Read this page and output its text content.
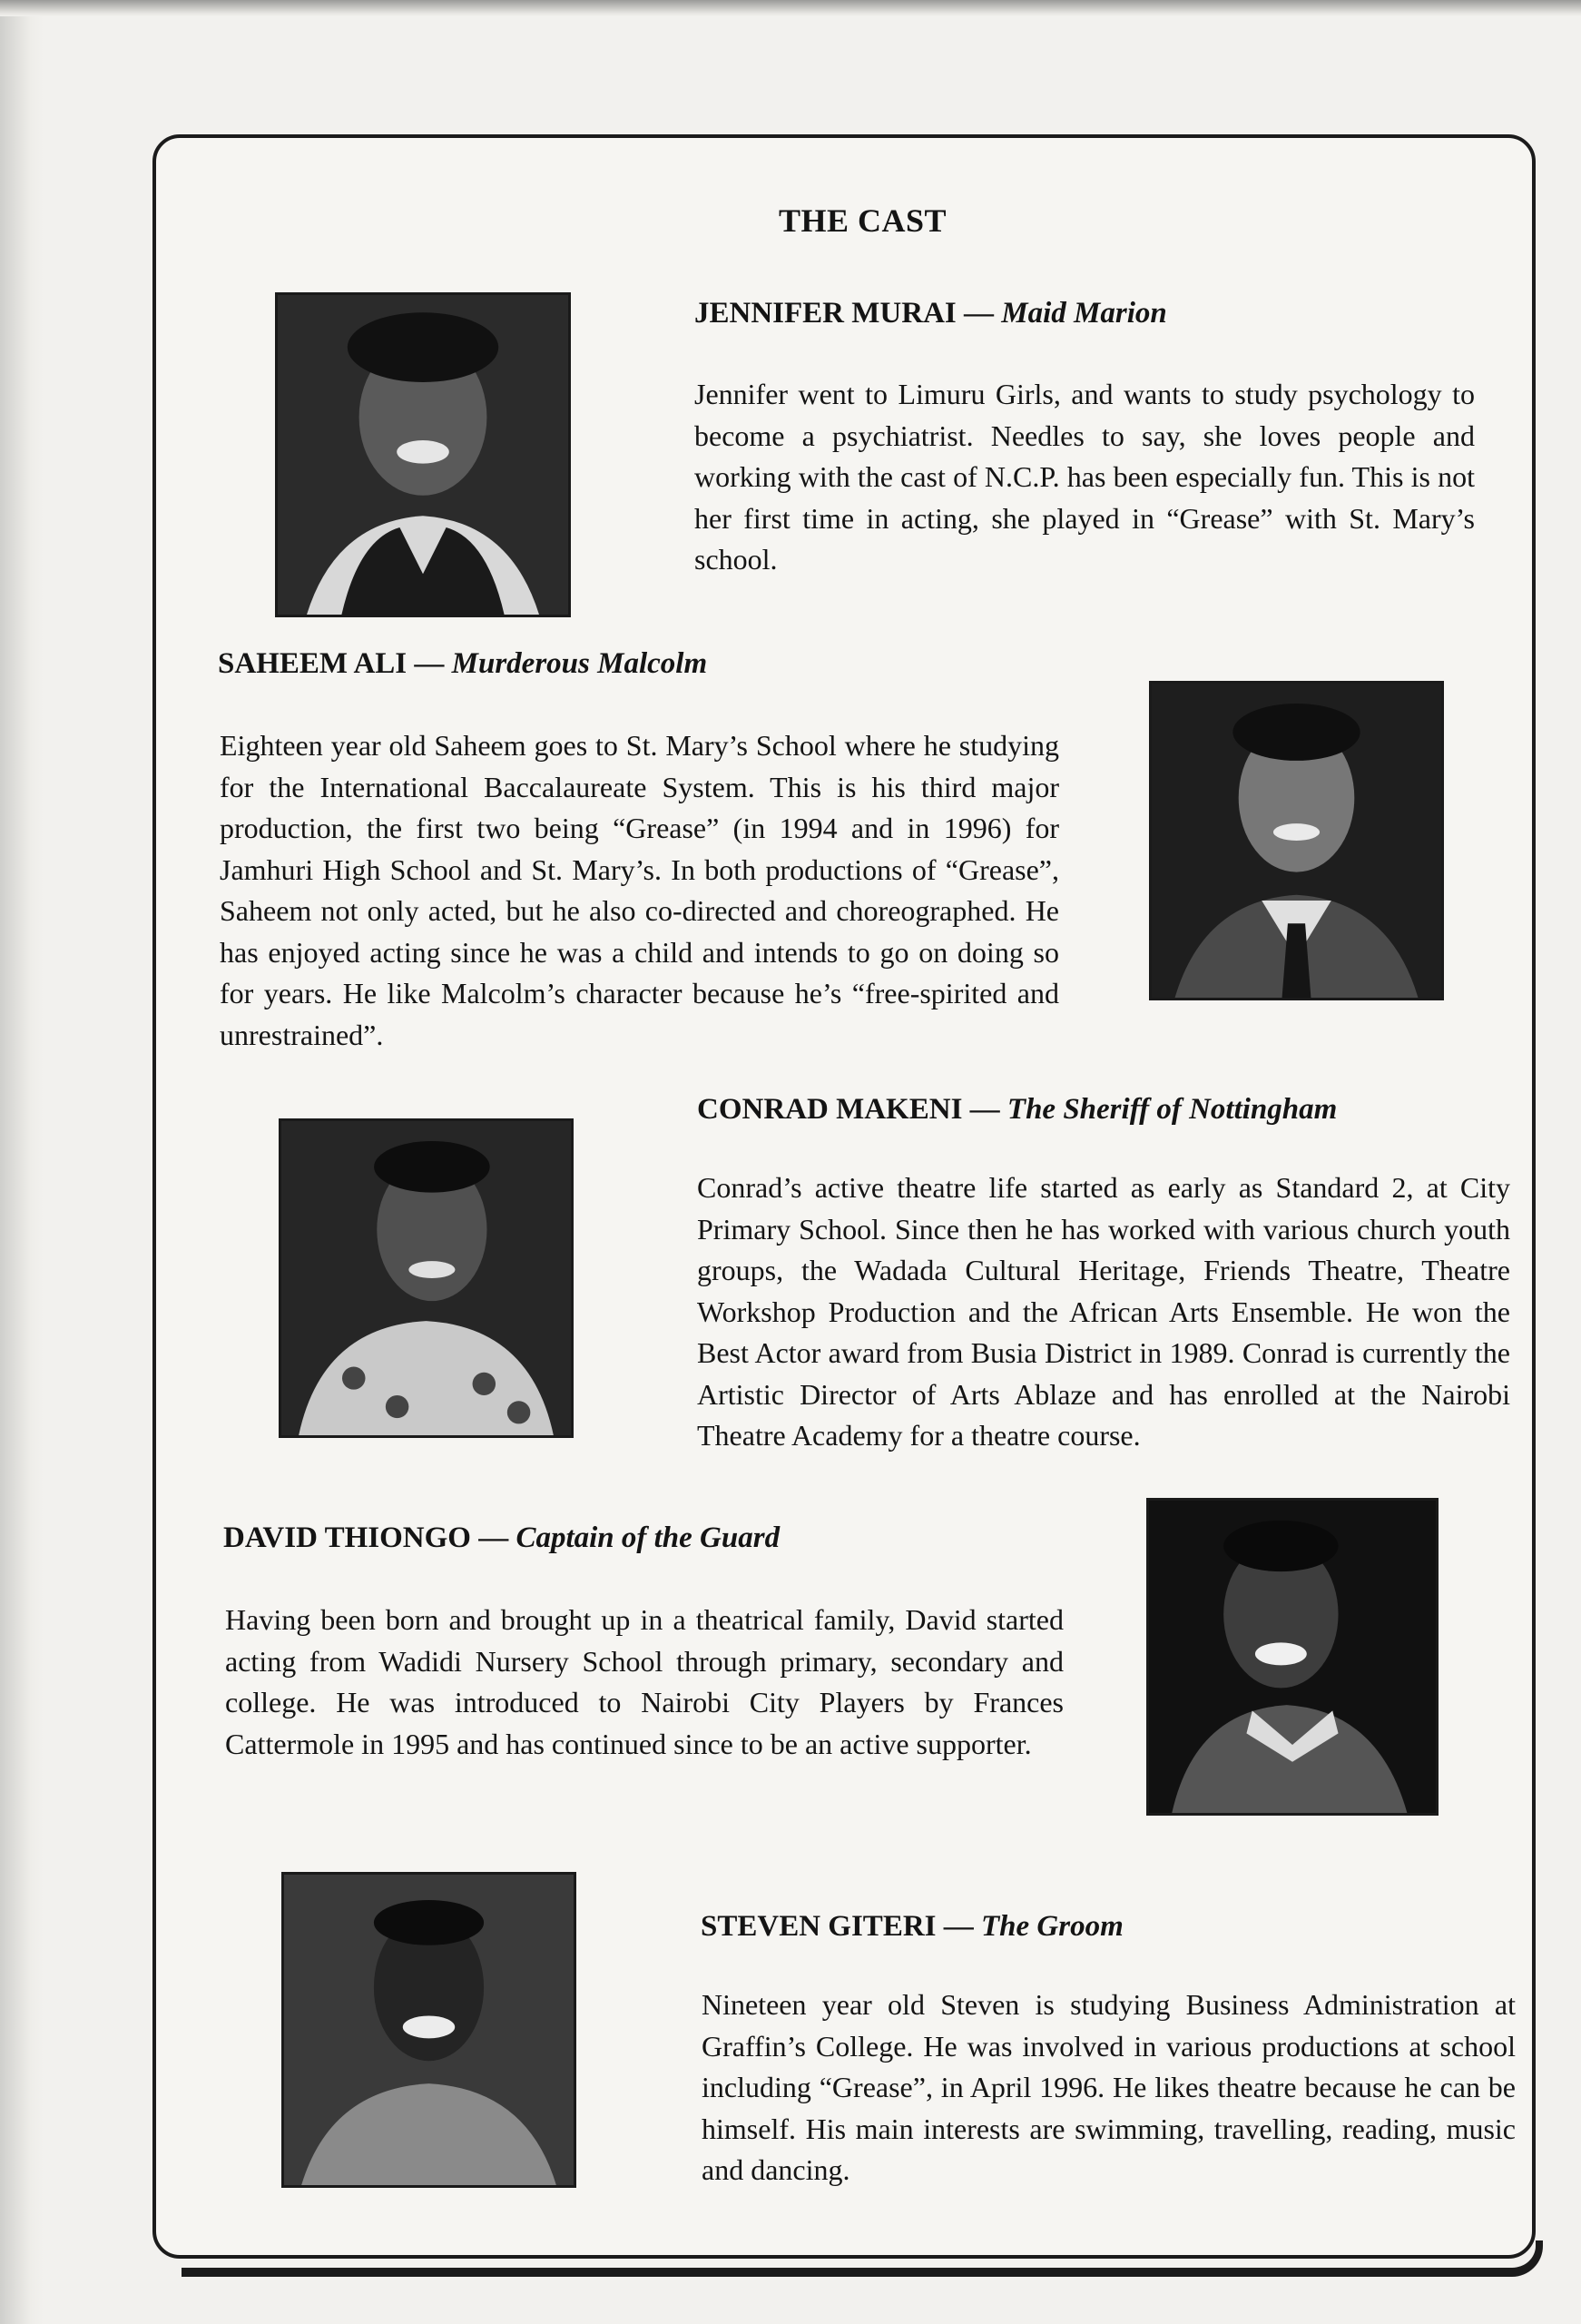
THE CAST
JENNIFER MURAI — Maid Marion

Jennifer went to Limuru Girls, and wants to study psychology to become a psychiatrist. Needles to say, she loves people and working with the cast of N.C.P. has been especially fun. This is not her first time in acting, she played in “Grease” with St. Mary’s school.

SAHEEM ALI — Murderous Malcolm

Eighteen year old Saheem goes to St. Mary’s School where he studying for the International Baccalaureate System. This is his third major production, the first two being “Grease” (in 1994 and in 1996) for Jamhuri High School and St. Mary’s. In both productions of “Grease”, Saheem not only acted, but he also co-directed and choreographed. He has enjoyed acting since he was a child and intends to go on doing so for years. He like Malcolm’s character because he’s “free-spirited and unrestrained”.

CONRAD MAKENI — The Sheriff of Nottingham

Conrad’s active theatre life started as early as Standard 2, at City Primary School. Since then he has worked with various church youth groups, the Wadada Cultural Heritage, Friends Theatre, Theatre Workshop Production and the African Arts Ensemble. He won the Best Actor award from Busia District in 1989. Conrad is currently the Artistic Director of Arts Ablaze and has enrolled at the Nairobi Theatre Academy for a theatre course.

DAVID THIONGO — Captain of the Guard

Having been born and brought up in a theatrical family, David started acting from Wadidi Nursery School through primary, secondary and college. He was introduced to Nairobi City Players by Frances Cattermole in 1995 and has continued since to be an active supporter.

STEVEN GITERI — The Groom

Nineteen year old Steven is studying Business Administration at Graffin’s College. He was involved in various productions at school including “Grease”, in April 1996. He likes theatre because he can be himself. His main interests are swimming, travelling, reading, music and dancing.
